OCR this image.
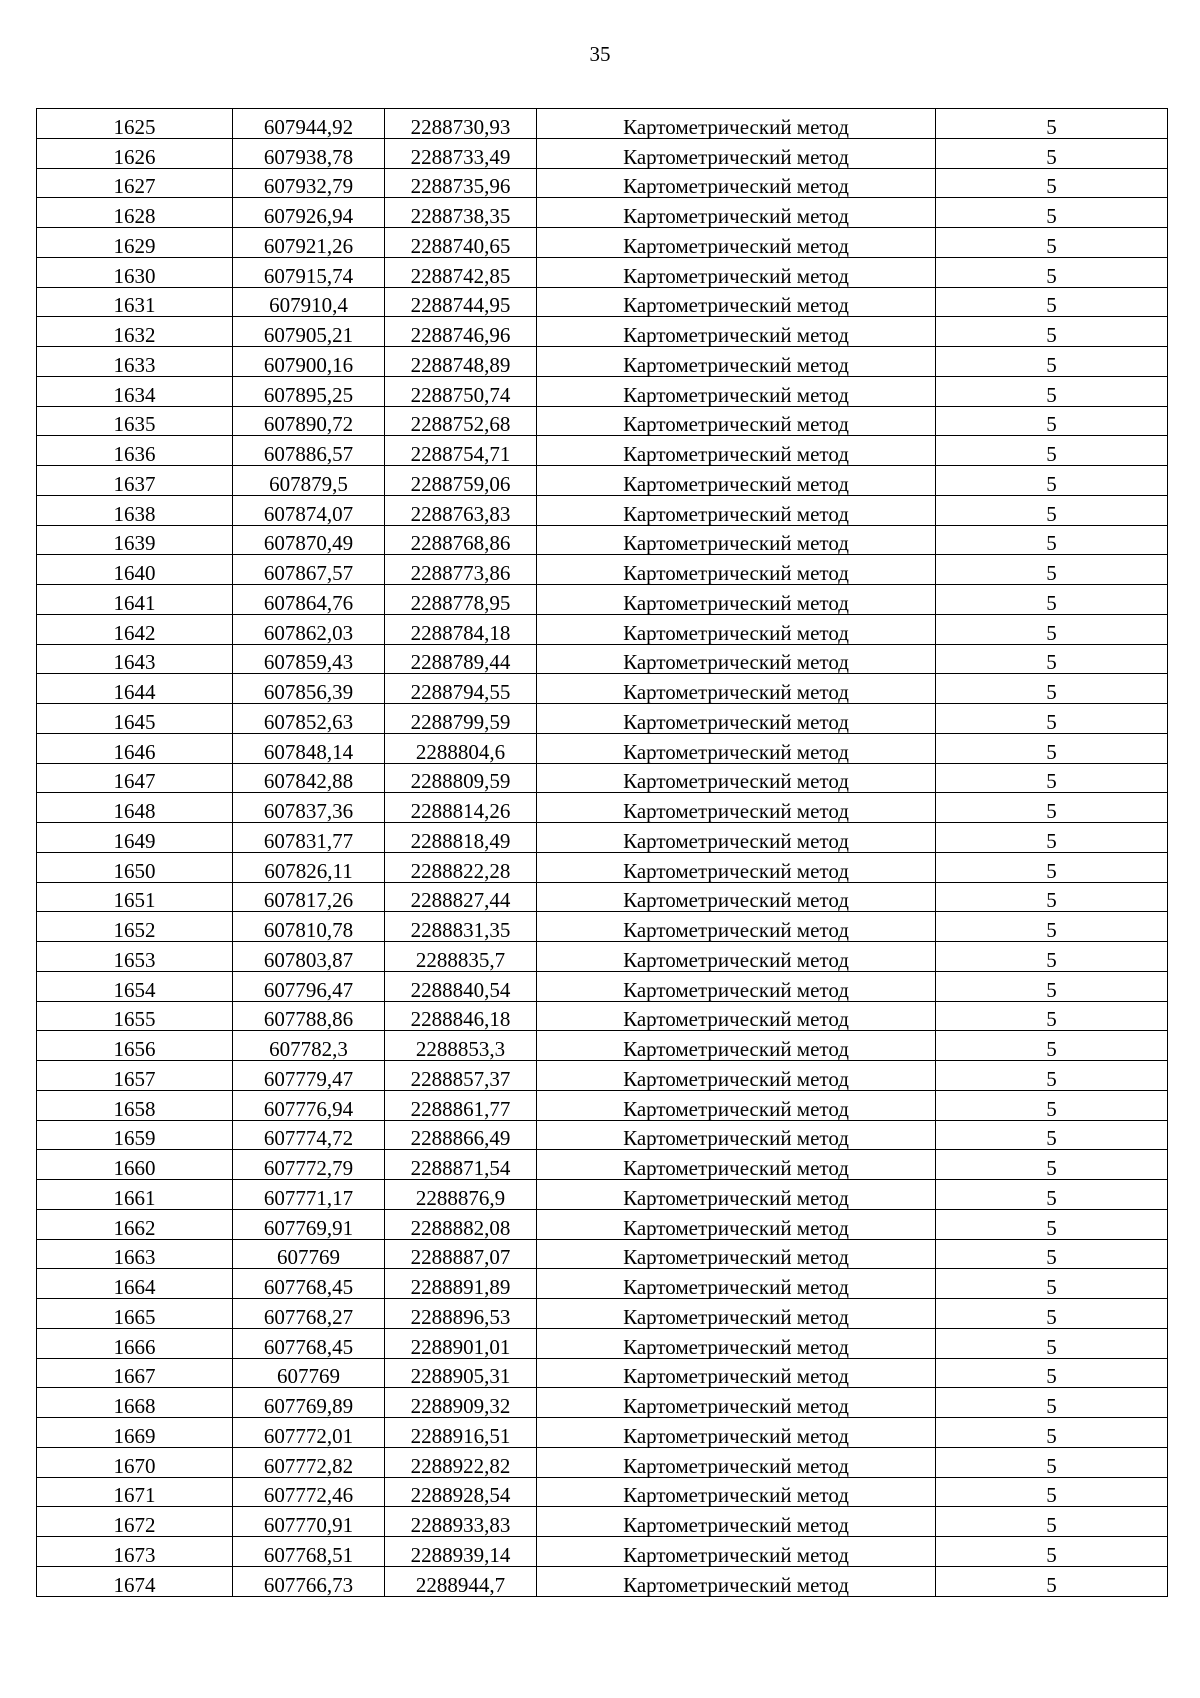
35
1625	607944,92	2288730,93	Картометрический метод	5
1626	607938,78	2288733,49	Картометрический метод	5
1627	607932,79	2288735,96	Картометрический метод	5
1628	607926,94	2288738,35	Картометрический метод	5
1629	607921,26	2288740,65	Картометрический метод	5
1630	607915,74	2288742,85	Картометрический метод	5
1631	607910,4	2288744,95	Картометрический метод	5
1632	607905,21	2288746,96	Картометрический метод	5
1633	607900,16	2288748,89	Картометрический метод	5
1634	607895,25	2288750,74	Картометрический метод	5
1635	607890,72	2288752,68	Картометрический метод	5
1636	607886,57	2288754,71	Картометрический метод	5
1637	607879,5	2288759,06	Картометрический метод	5
1638	607874,07	2288763,83	Картометрический метод	5
1639	607870,49	2288768,86	Картометрический метод	5
1640	607867,57	2288773,86	Картометрический метод	5
1641	607864,76	2288778,95	Картометрический метод	5
1642	607862,03	2288784,18	Картометрический метод	5
1643	607859,43	2288789,44	Картометрический метод	5
1644	607856,39	2288794,55	Картометрический метод	5
1645	607852,63	2288799,59	Картометрический метод	5
1646	607848,14	2288804,6	Картометрический метод	5
1647	607842,88	2288809,59	Картометрический метод	5
1648	607837,36	2288814,26	Картометрический метод	5
1649	607831,77	2288818,49	Картометрический метод	5
1650	607826,11	2288822,28	Картометрический метод	5
1651	607817,26	2288827,44	Картометрический метод	5
1652	607810,78	2288831,35	Картометрический метод	5
1653	607803,87	2288835,7	Картометрический метод	5
1654	607796,47	2288840,54	Картометрический метод	5
1655	607788,86	2288846,18	Картометрический метод	5
1656	607782,3	2288853,3	Картометрический метод	5
1657	607779,47	2288857,37	Картометрический метод	5
1658	607776,94	2288861,77	Картометрический метод	5
1659	607774,72	2288866,49	Картометрический метод	5
1660	607772,79	2288871,54	Картометрический метод	5
1661	607771,17	2288876,9	Картометрический метод	5
1662	607769,91	2288882,08	Картометрический метод	5
1663	607769	2288887,07	Картометрический метод	5
1664	607768,45	2288891,89	Картометрический метод	5
1665	607768,27	2288896,53	Картометрический метод	5
1666	607768,45	2288901,01	Картометрический метод	5
1667	607769	2288905,31	Картометрический метод	5
1668	607769,89	2288909,32	Картометрический метод	5
1669	607772,01	2288916,51	Картометрический метод	5
1670	607772,82	2288922,82	Картометрический метод	5
1671	607772,46	2288928,54	Картометрический метод	5
1672	607770,91	2288933,83	Картометрический метод	5
1673	607768,51	2288939,14	Картометрический метод	5
1674	607766,73	2288944,7	Картометрический метод	5
